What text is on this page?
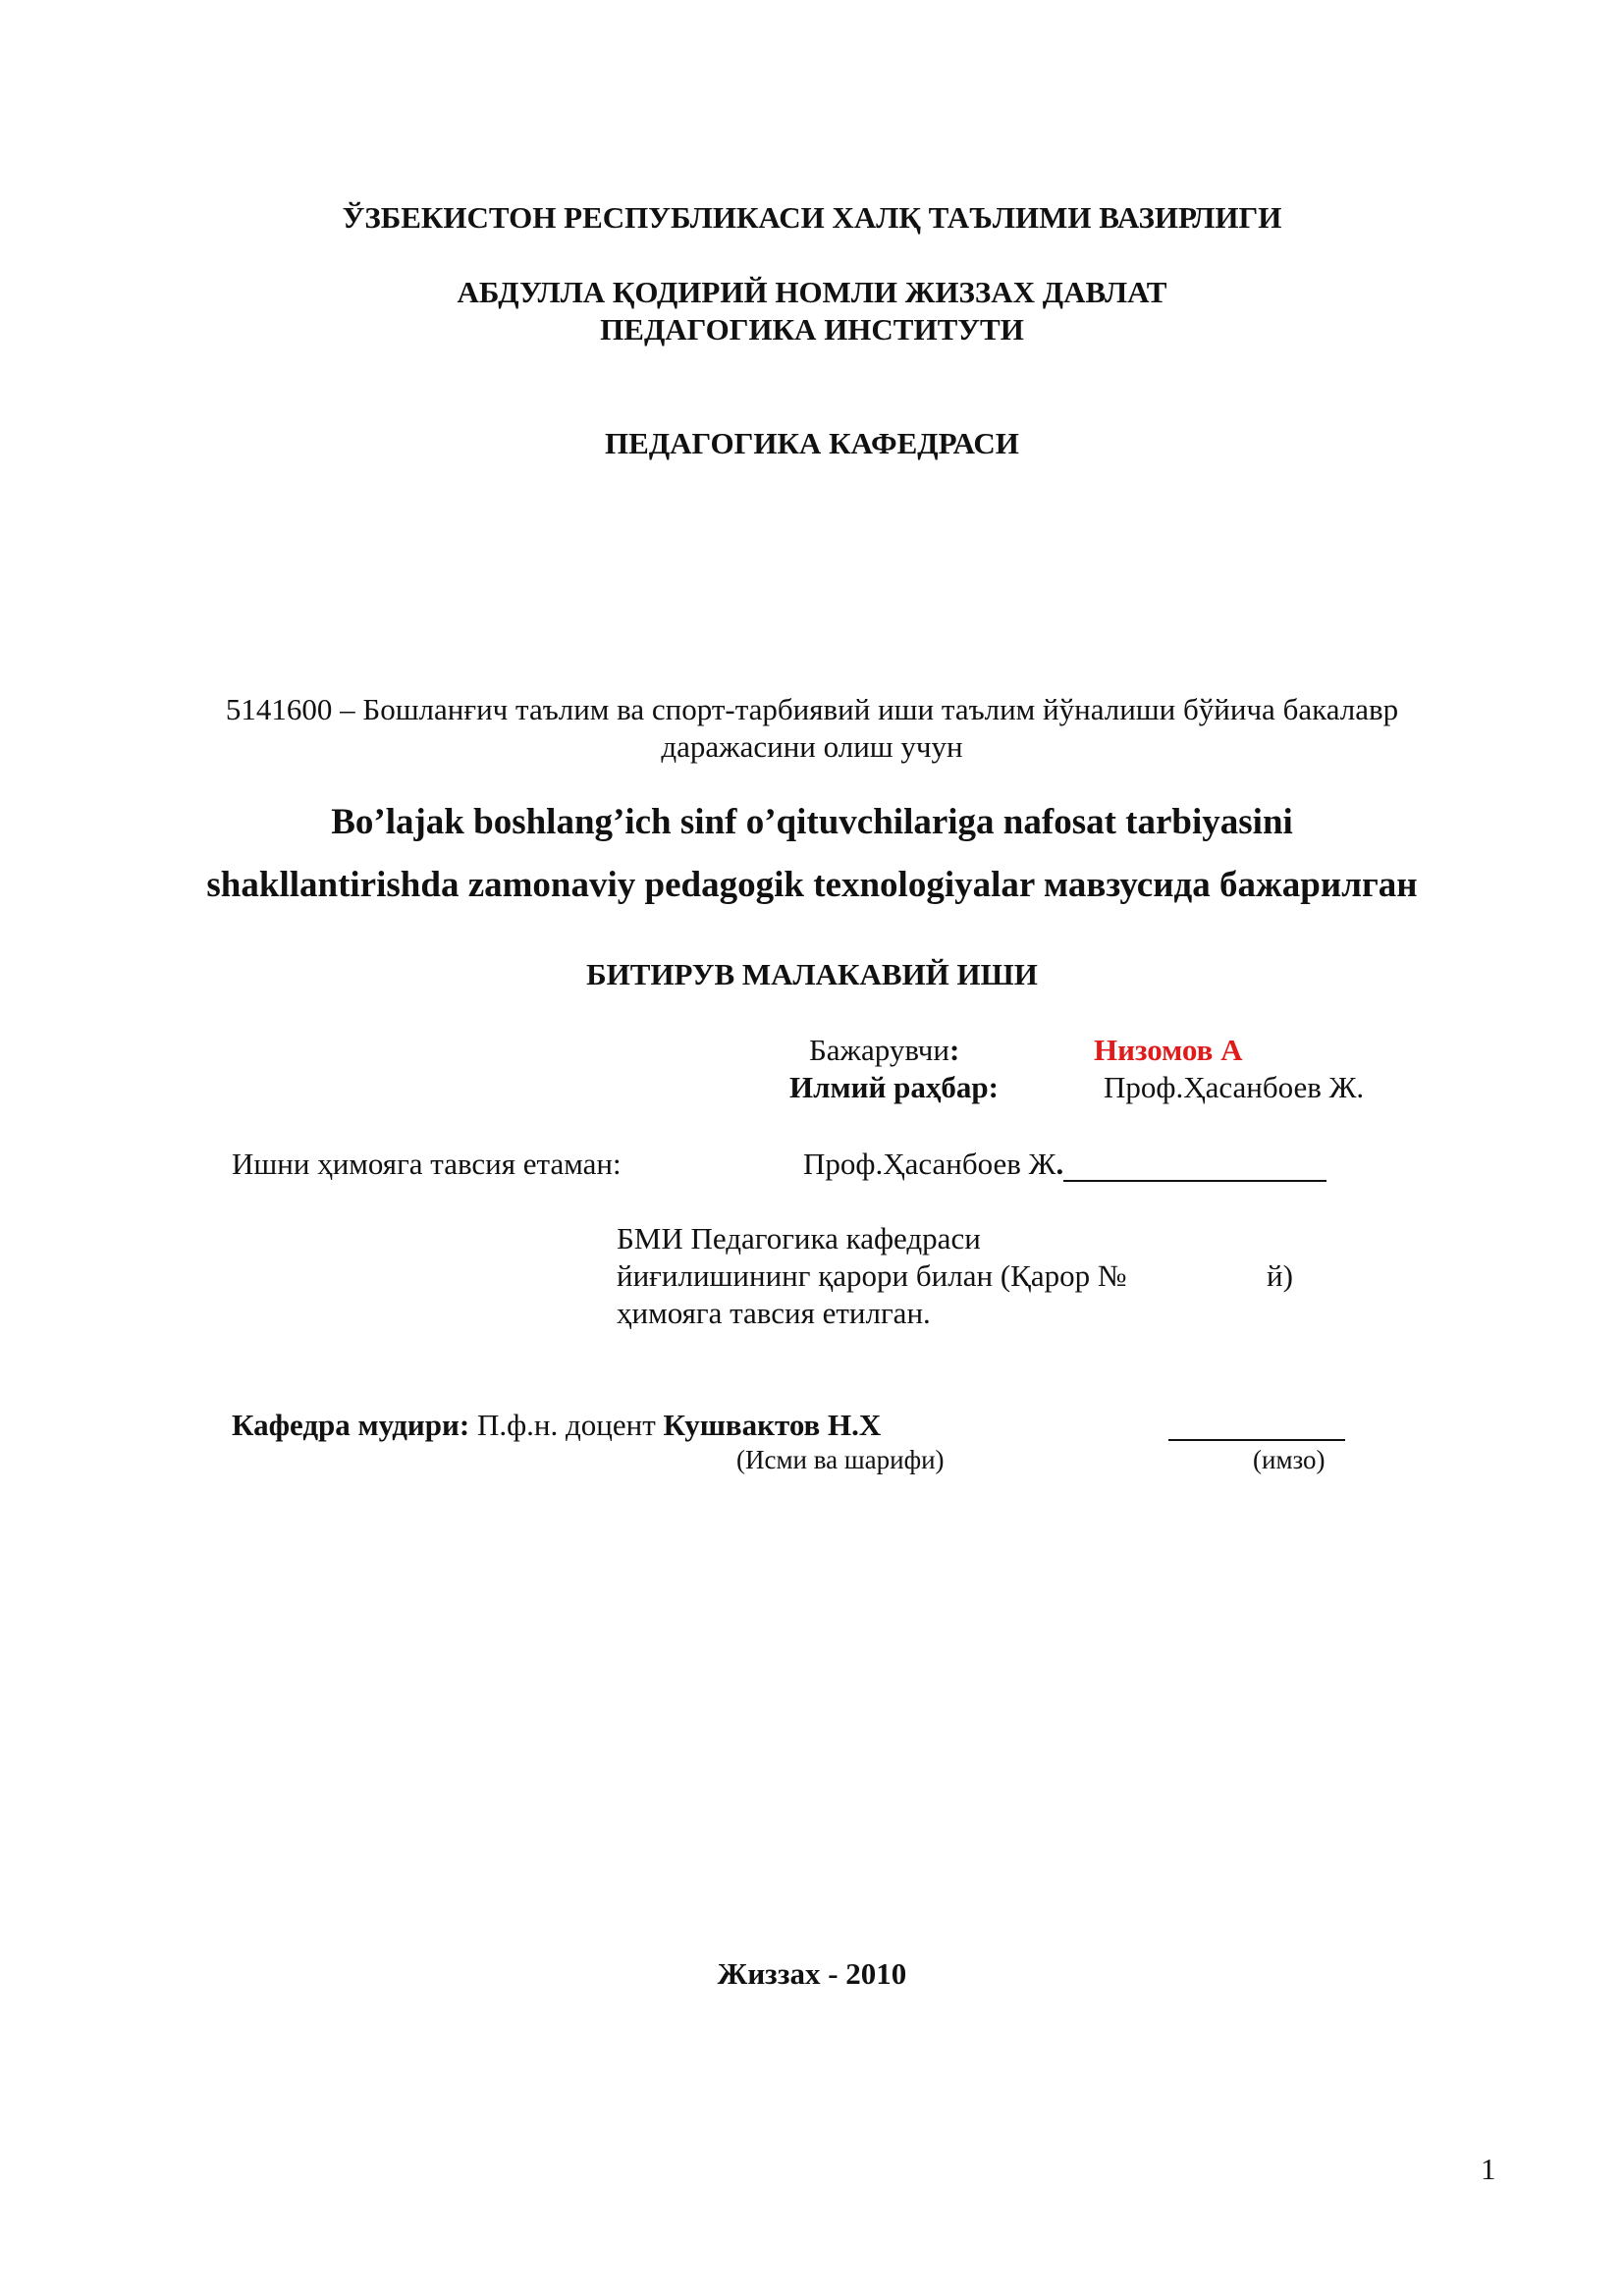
ЎЗБЕКИСТОН РЕСПУБЛИКАСИ ХАЛҚ ТАЪЛИМИ ВАЗИРЛИГИ
АБДУЛЛА ҚОДИРИЙ НОМЛИ ЖИЗЗАХ ДАВЛАТ
ПЕДАГОГИКА ИНСТИТУТИ
ПЕДАГОГИКА КАФЕДРАСИ
5141600 – Бошланғич таълим ва спорт-тарбиявий иши таълим йўналиши бўйича бакалавр
даражасини олиш учун
Bo’lajak boshlang’ich sinf o’qituvchilariga nafosat tarbiyasini
shakllantirishda zamonaviy pedagogik texnologiyalar мавзусида бажарилган
БИТИРУВ МАЛАКАВИЙ ИШИ
Бажарувчи:	Низомов А
Илмий раҳбар:	Проф.Ҳасанбоев Ж.
Ишни ҳимояга тавсия етаман:	Проф.Ҳасанбоев Ж.
БМИ Педагогика кафедраси
йиғилишининг қарори билан (Қарор №	й)
ҳимояга тавсия етилган.
Кафедра мудири: П.ф.н. доцент Кушвактов Н.Х
(Исми ва шарифи)	(имзо)
Жиззах - 2010
1
